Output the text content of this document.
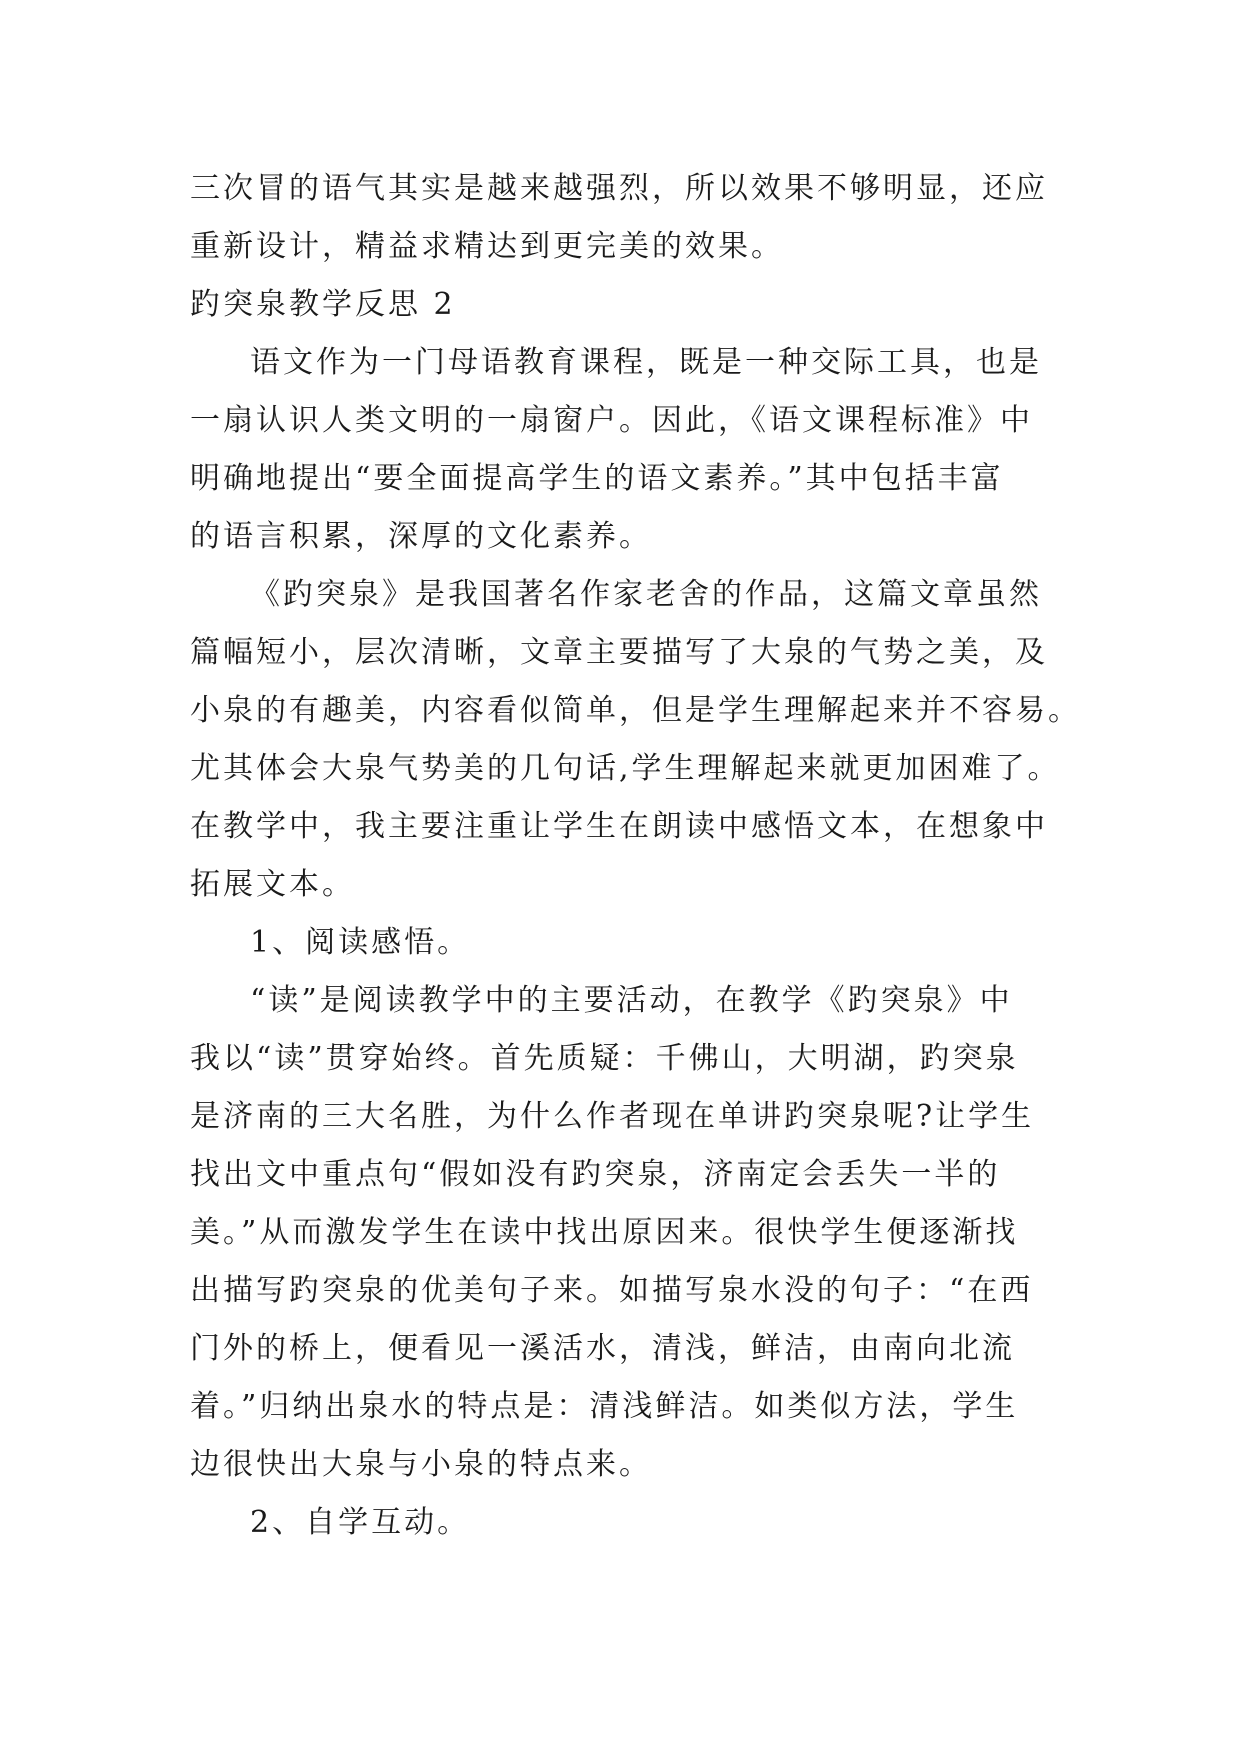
三次冒的语气其实是越来越强烈，所以效果不够明显，还应
重新设计，精益求精达到更完美的效果。
趵突泉教学反思 2
语文作为一门母语教育课程，既是一种交际工具，也是
一扇认识人类文明的一扇窗户。因此，《语文课程标准》中
明确地提出“要全面提高学生的语文素养。”其中包括丰富
的语言积累，深厚的文化素养。
《趵突泉》是我国著名作家老舍的作品，这篇文章虽然
篇幅短小，层次清晰，文章主要描写了大泉的气势之美，及
小泉的有趣美，内容看似简单，但是学生理解起来并不容易。
尤其体会大泉气势美的几句话,学生理解起来就更加困难了。
在教学中，我主要注重让学生在朗读中感悟文本，在想象中
拓展文本。
1、阅读感悟。
“读”是阅读教学中的主要活动，在教学《趵突泉》中
我以“读”贯穿始终。首先质疑：千佛山，大明湖，趵突泉
是济南的三大名胜，为什么作者现在单讲趵突泉呢?让学生
找出文中重点句“假如没有趵突泉，济南定会丢失一半的
美。”从而激发学生在读中找出原因来。很快学生便逐渐找
出描写趵突泉的优美句子来。如描写泉水没的句子：“在西
门外的桥上，便看见一溪活水，清浅，鲜洁，由南向北流
着。”归纳出泉水的特点是：清浅鲜洁。如类似方法，学生
边很快出大泉与小泉的特点来。
2、自学互动。
